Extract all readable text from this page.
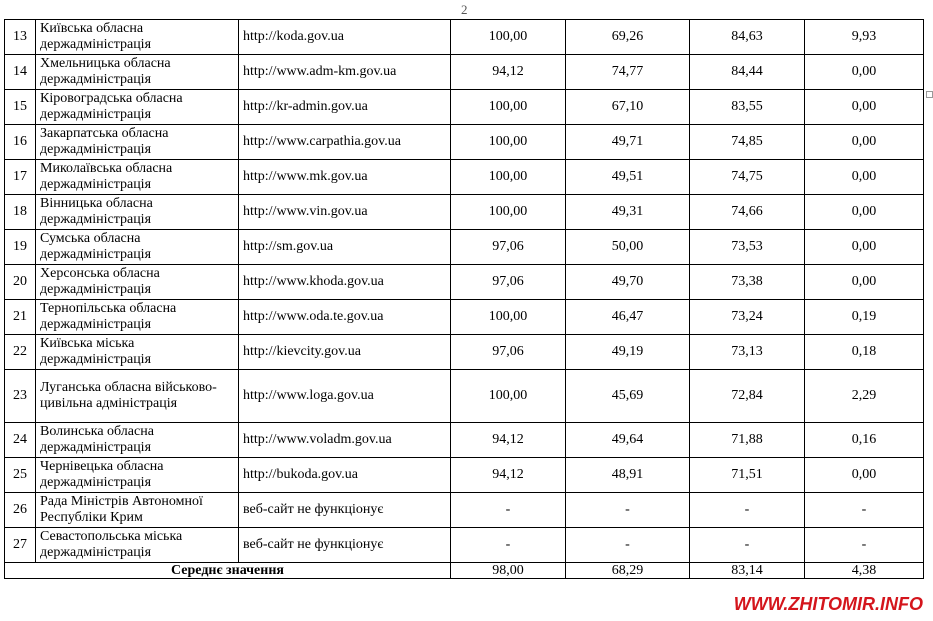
2
13	Київська обласна держадміністрація	http://koda.gov.ua	100,00	69,26	84,63	9,93
14	Хмельницька обласна держадміністрація	http://www.adm-km.gov.ua	94,12	74,77	84,44	0,00
15	Кіровоградська обласна держадміністрація	http://kr-admin.gov.ua	100,00	67,10	83,55	0,00
16	Закарпатська обласна держадміністрація	http://www.carpathia.gov.ua	100,00	49,71	74,85	0,00
17	Миколаївська обласна держадміністрація	http://www.mk.gov.ua	100,00	49,51	74,75	0,00
18	Вінницька обласна держадміністрація	http://www.vin.gov.ua	100,00	49,31	74,66	0,00
19	Сумська обласна держадміністрація	http://sm.gov.ua	97,06	50,00	73,53	0,00
20	Херсонська обласна держадміністрація	http://www.khoda.gov.ua	97,06	49,70	73,38	0,00
21	Тернопільська обласна держадміністрація	http://www.oda.te.gov.ua	100,00	46,47	73,24	0,19
22	Київська міська держадміністрація	http://kievcity.gov.ua	97,06	49,19	73,13	0,18
23	Луганська обласна військово-цивільна адміністрація	http://www.loga.gov.ua	100,00	45,69	72,84	2,29
24	Волинська обласна держадміністрація	http://www.voladm.gov.ua	94,12	49,64	71,88	0,16
25	Чернівецька обласна держадміністрація	http://bukoda.gov.ua	94,12	48,91	71,51	0,00
26	Рада Міністрів Автономної Республіки Крим	веб-сайт не функціонує	-	-	-	-
27	Севастопольська міська держадміністрація	веб-сайт не функціонує	-	-	-	-
Середнє значення			98,00	68,29	83,14	4,38
WWW.ZHITOMIR.INFO
